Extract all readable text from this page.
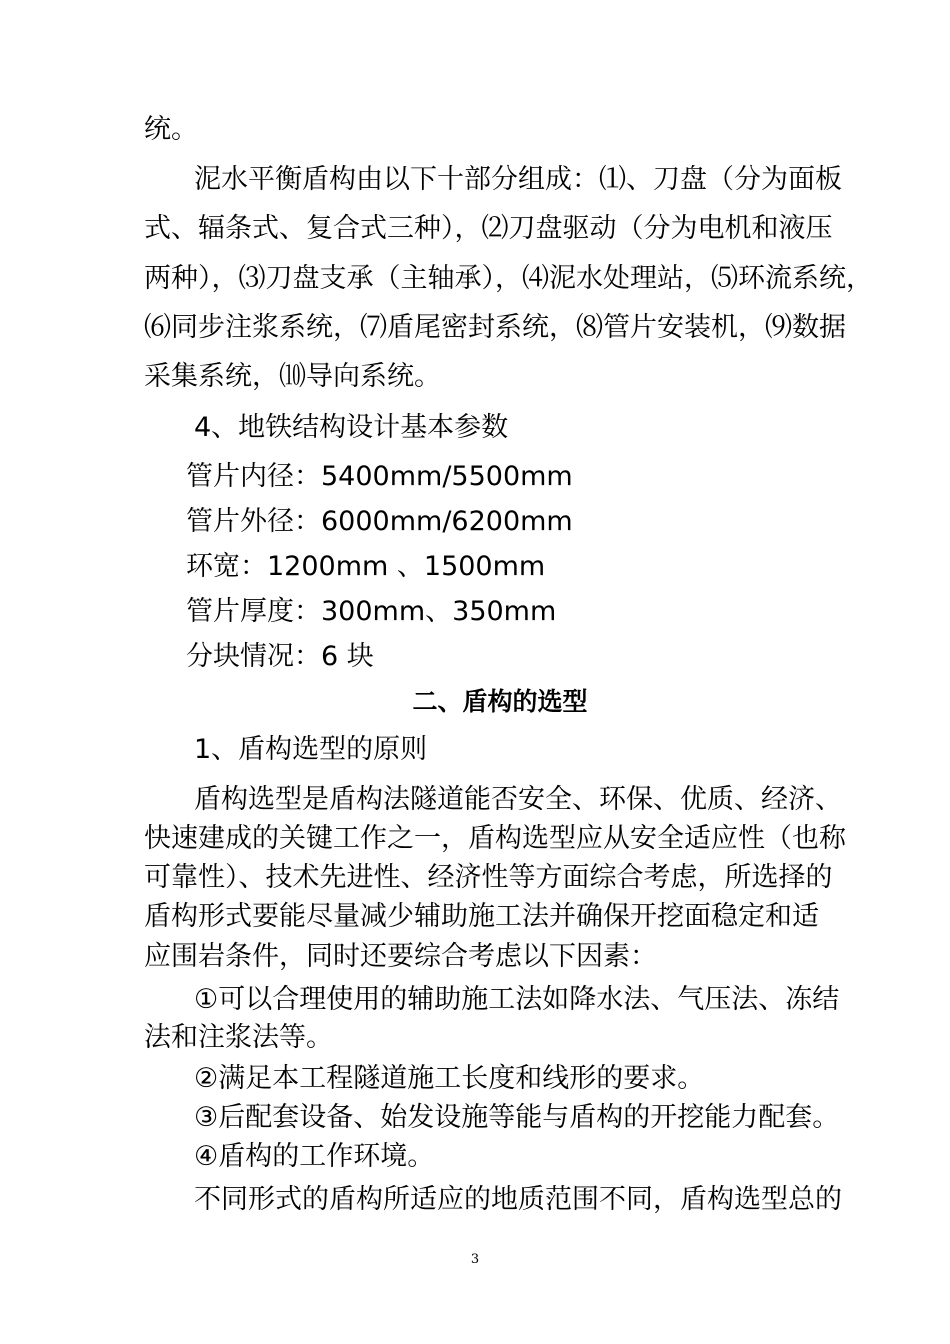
统。
泥水平衡盾构由以下十部分组成：⑴、刀盘（分为面板
式、辐条式、复合式三种），⑵刀盘驱动（分为电机和液压
两种），⑶刀盘支承（主轴承），⑷泥水处理站，⑸环流系统，
⑹同步注浆系统，⑺盾尾密封系统，⑻管片安装机，⑼数据
采集系统，⑽导向系统。
4、地铁结构设计基本参数
管片内径：5400mm/5500mm
管片外径：6000mm/6200mm
环宽：1200mm 、1500mm
管片厚度：300mm、350mm
分块情况：6 块
二、盾构的选型
1、盾构选型的原则
盾构选型是盾构法隧道能否安全、环保、优质、经济、
快速建成的关键工作之一，盾构选型应从安全适应性（也称
可靠性）、技术先进性、经济性等方面综合考虑，所选择的
盾构形式要能尽量减少辅助施工法并确保开挖面稳定和适
应围岩条件，同时还要综合考虑以下因素：
①可以合理使用的辅助施工法如降水法、气压法、冻结
法和注浆法等。
②满足本工程隧道施工长度和线形的要求。
③后配套设备、始发设施等能与盾构的开挖能力配套。
④盾构的工作环境。
不同形式的盾构所适应的地质范围不同，盾构选型总的
3
